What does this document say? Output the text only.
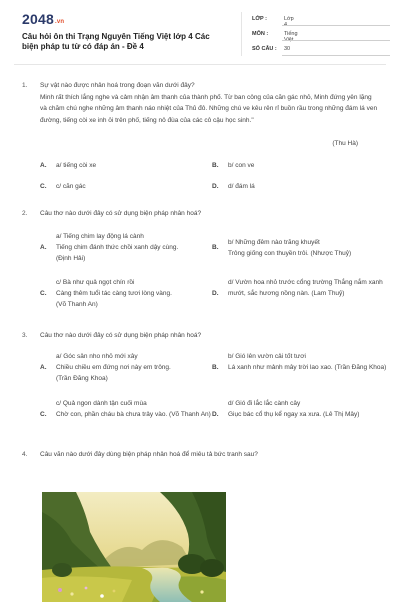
2048.vn
Câu hỏi ôn thi Trạng Nguyên Tiếng Việt lớp 4 Các biện pháp tu từ có đáp án - Đề 4
LỚP :	Lớp
MÔN :	Tiếng
SỐ CÂU :	30
1. Sự vật nào được nhân hoá trong đoạn văn dưới đây?
Minh rất thích lắng nghe và cảm nhận âm thanh của thành phố. Từ ban công của căn gác nhỏ, Minh đứng yên lặng và chăm chú nghe những âm thanh náo nhiệt của Thủ đô. Những chú ve kêu rên rỉ buồn rầu trong những đám lá ven đường, tiếng còi xe inh ỏi trên phố, tiếng nô đùa của các cô cậu học sinh."
(Thu Hà)
A. a/ tiếng còi xe	B. b/ con ve
C. c/ căn gác	D. d/ đám lá
2. Câu thơ nào dưới đây có sử dụng biện pháp nhân hoá?
A.
a/ Tiếng chim lay động lá cành
Tiếng chim đánh thức chồi xanh dậy cùng.
(Định Hải)
B.
b/ Những đêm nào trăng khuyết
Trông giống con thuyền trôi. (Nhược Thuỷ)
C.
c/ Bà như quả ngọt chín rồi
Càng thêm tuổi tác càng tươi lòng vàng.
(Võ Thanh An)
D.
d/ Vườn hoa nhỏ trước cổng trường Thắng nắm xanh mướt, sắc hương nồng nàn. (Lam Thuỷ)
3. Câu thơ nào dưới đây có sử dụng biện pháp nhân hoá?
A.
a/ Góc sân nho nhỏ mới xây
Chiều chiều em đứng nơi này em trông.
(Trần Đăng Khoa)
B.
b/ Gió lên vườn cải tốt tươi
Lá xanh như mảnh mây trời lao xao. (Trần Đăng Khoa)
C.
c/ Quả ngon dành tận cuối mùa
Chờ con, phần cháu bà chưa trảy vào. (Võ Thanh An) D.
d/ Gió đi lắc lắc cành cây
Giục bác cổ thụ kể ngay xa xưa. (Lê Thị Mây)
4. Câu văn nào dưới đây dùng biện pháp nhân hoá để miêu tả bức tranh sau?
